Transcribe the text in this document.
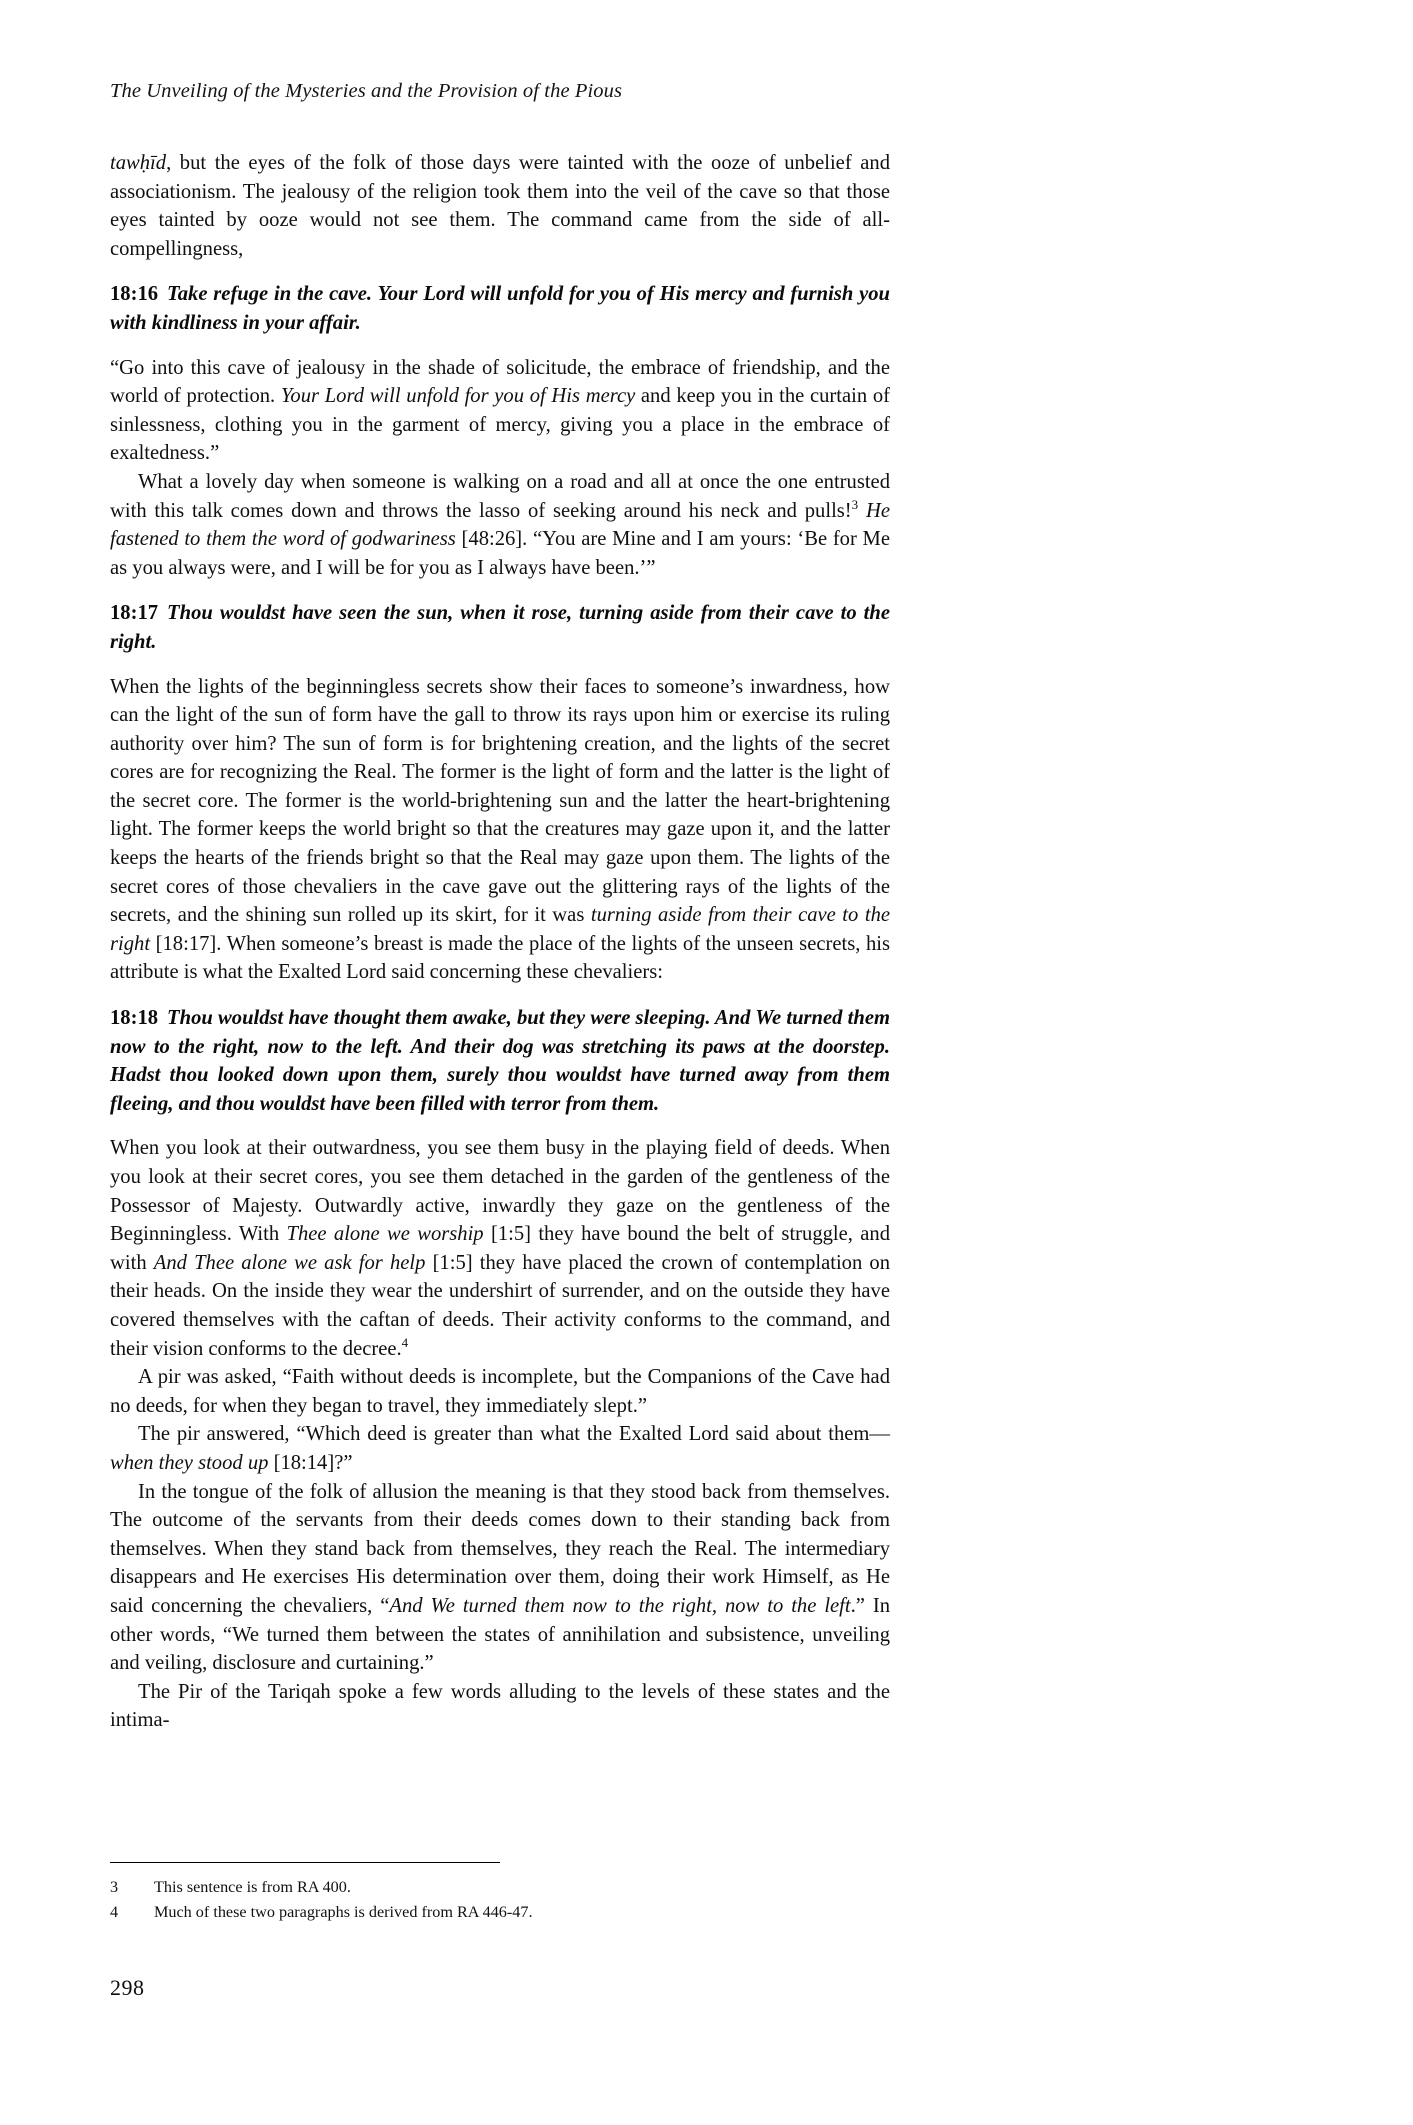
The Unveiling of the Mysteries and the Provision of the Pious

tawḥīd, but the eyes of the folk of those days were tainted with the ooze of unbelief and associationism. The jealousy of the religion took them into the veil of the cave so that those eyes tainted by ooze would not see them. The command came from the side of all-compellingness,

18:16 Take refuge in the cave. Your Lord will unfold for you of His mercy and furnish you with kindliness in your affair.

“Go into this cave of jealousy in the shade of solicitude, the embrace of friendship, and the world of protection. Your Lord will unfold for you of His mercy and keep you in the curtain of sinlessness, clothing you in the garment of mercy, giving you a place in the embrace of exaltedness.”

What a lovely day when someone is walking on a road and all at once the one entrusted with this talk comes down and throws the lasso of seeking around his neck and pulls!$^3$ He fastened to them the word of godwariness [48:26]. “You are Mine and I am yours: ‘Be for Me as you always were, and I will be for you as I always have been.’”

18:17 Thou wouldst have seen the sun, when it rose, turning aside from their cave to the right.

When the lights of the beginningless secrets show their faces to someone’s inwardness, how can the light of the sun of form have the gall to throw its rays upon him or exercise its ruling authority over him? The sun of form is for brightening creation, and the lights of the secret cores are for recognizing the Real. The former is the light of form and the latter is the light of the secret core. The former is the world-brightening sun and the latter the heart-brightening light. The former keeps the world bright so that the creatures may gaze upon it, and the latter keeps the hearts of the friends bright so that the Real may gaze upon them. The lights of the secret cores of those chevaliers in the cave gave out the glittering rays of the lights of the secrets, and the shining sun rolled up its skirt, for it was turning aside from their cave to the right [18:17]. When someone’s breast is made the place of the lights of the unseen secrets, his attribute is what the Exalted Lord said concerning these chevaliers:

18:18 Thou wouldst have thought them awake, but they were sleeping. And We turned them now to the right, now to the left. And their dog was stretching its paws at the doorstep. Hadst thou looked down upon them, surely thou wouldst have turned away from them fleeing, and thou wouldst have been filled with terror from them.

When you look at their outwardness, you see them busy in the playing field of deeds. When you look at their secret cores, you see them detached in the garden of the gentleness of the Possessor of Majesty. Outwardly active, inwardly they gaze on the gentleness of the Beginningless. With Thee alone we worship [1:5] they have bound the belt of struggle, and with And Thee alone we ask for help [1:5] they have placed the crown of contemplation on their heads. On the inside they wear the undershirt of surrender, and on the outside they have covered themselves with the caftan of deeds. Their activity conforms to the command, and their vision conforms to the decree.$^4$

A pir was asked, “Faith without deeds is incomplete, but the Companions of the Cave had no deeds, for when they began to travel, they immediately slept.”

The pir answered, “Which deed is greater than what the Exalted Lord said about them—when they stood up [18:14]?”

In the tongue of the folk of allusion the meaning is that they stood back from themselves. The outcome of the servants from their deeds comes down to their standing back from themselves. When they stand back from themselves, they reach the Real. The intermediary disappears and He exercises His determination over them, doing their work Himself, as He said concerning the chevaliers, “And We turned them now to the right, now to the left.” In other words, “We turned them between the states of annihilation and subsistence, unveiling and veiling, disclosure and curtaining.”

The Pir of the Tariqah spoke a few words alluding to the levels of these states and the intima-

3	This sentence is from RA 400.
4	Much of these two paragraphs is derived from RA 446-47.
298
